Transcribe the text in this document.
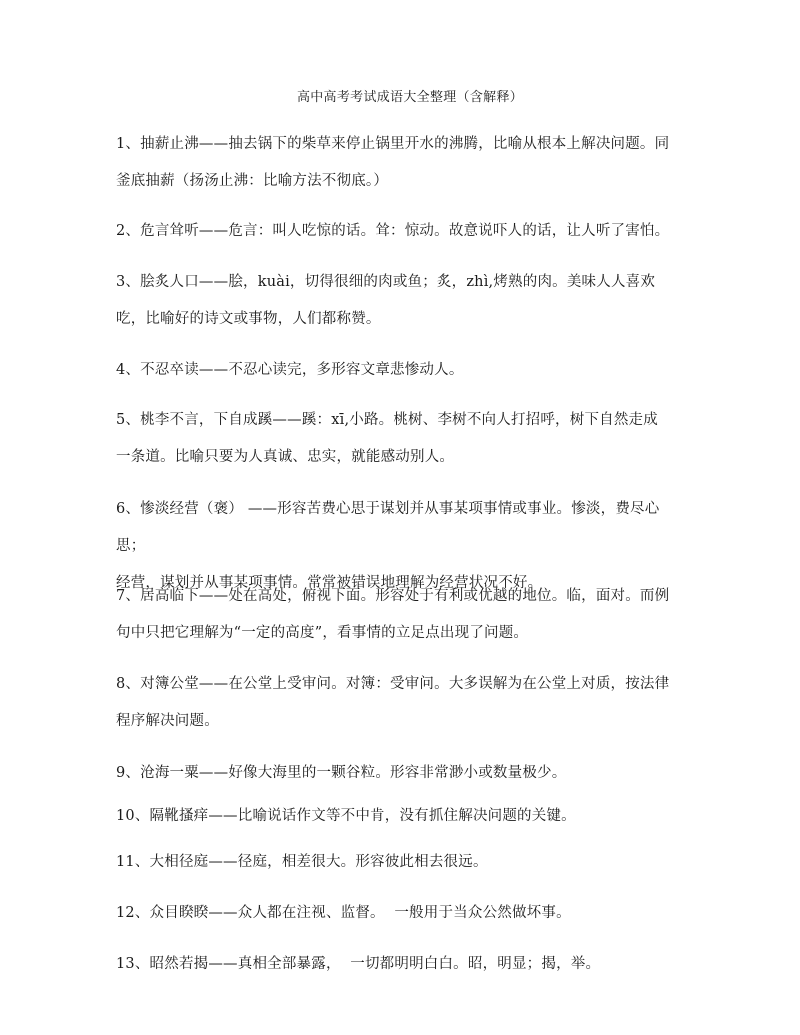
高中高考考试成语大全整理（含解释）
1、抽薪止沸——抽去锅下的柴草来停止锅里开水的沸腾，比喻从根本上解决问题。同
釜底抽薪（扬汤止沸：比喻方法不彻底。）
2、危言耸听——危言：叫人吃惊的话。耸：惊动。故意说吓人的话，让人听了害怕。
3、脍炙人口——脍，kuài，切得很细的肉或鱼；炙，zhì,烤熟的肉。美味人人喜欢
吃，比喻好的诗文或事物，人们都称赞。
4、不忍卒读——不忍心读完，多形容文章悲惨动人。
5、桃李不言，下自成蹊——蹊：xī,小路。桃树、李树不向人打招呼，树下自然走成
一条道。比喻只要为人真诚、忠实，就能感动别人。
6、惨淡经营（褒） ——形容苦费心思于谋划并从事某项事情或事业。惨淡，费尽心思；
经营，谋划并从事某项事情。常常被错误地理解为经营状况不好。
7、居高临下——处在高处，俯视下面。形容处于有利或优越的地位。临，面对。而例
句中只把它理解为“一定的高度”，看事情的立足点出现了问题。
8、对簿公堂——在公堂上受审问。对簿：受审问。大多误解为在公堂上对质，按法律
程序解决问题。
9、沧海一粟——好像大海里的一颗谷粒。形容非常渺小或数量极少。
10、隔靴搔痒——比喻说话作文等不中肯，没有抓住解决问题的关键。
11、大相径庭——径庭，相差很大。形容彼此相去很远。
12、众目睽睽——众人都在注视、监督。  一般用于当众公然做坏事。
13、昭然若揭——真相全部暴露，  一切都明明白白。昭，明显；揭，举。
